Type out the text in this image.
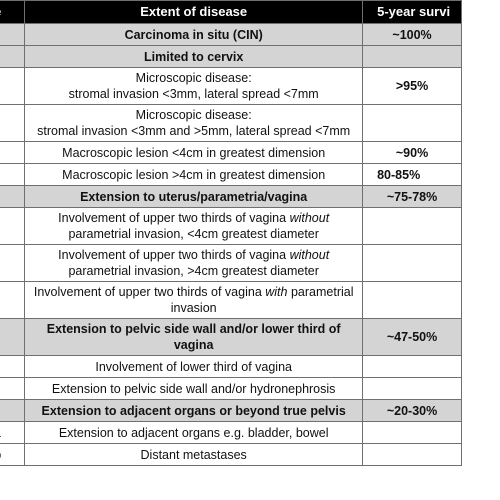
	Extent of disease	5-year survi

Carcinoma in situ (CIN)	~100%

	Limited to cervix	

Microscopic disease:
stromal invasion <3mm, lateral spread <7mm	>95%

Microscopic disease:
stromal invasion <3mm and >5mm, lateral spread <7mm	

Macroscopic lesion <4cm in greatest dimension	~90%

Macroscopic lesion >4cm in greatest dimension	80-85%

Extension to uterus/parametria/vagina	~75-78%

Involvement of upper two thirds of vagina without
parametrial invasion, <4cm greatest diameter	

Involvement of upper two thirds of vagina without
parametrial invasion, >4cm greatest diameter	

Involvement of upper two thirds of vagina with parametrial
invasion	

Extension to pelvic side wall and/or lower third of
vagina	~47-50%

Involvement of lower third of vagina	

Extension to pelvic side wall and/or hydronephrosis	

Extension to adjacent organs or beyond true pelvis	~20-30%

Extension to adjacent organs e.g. bladder, bowel	

Distant metastases	
